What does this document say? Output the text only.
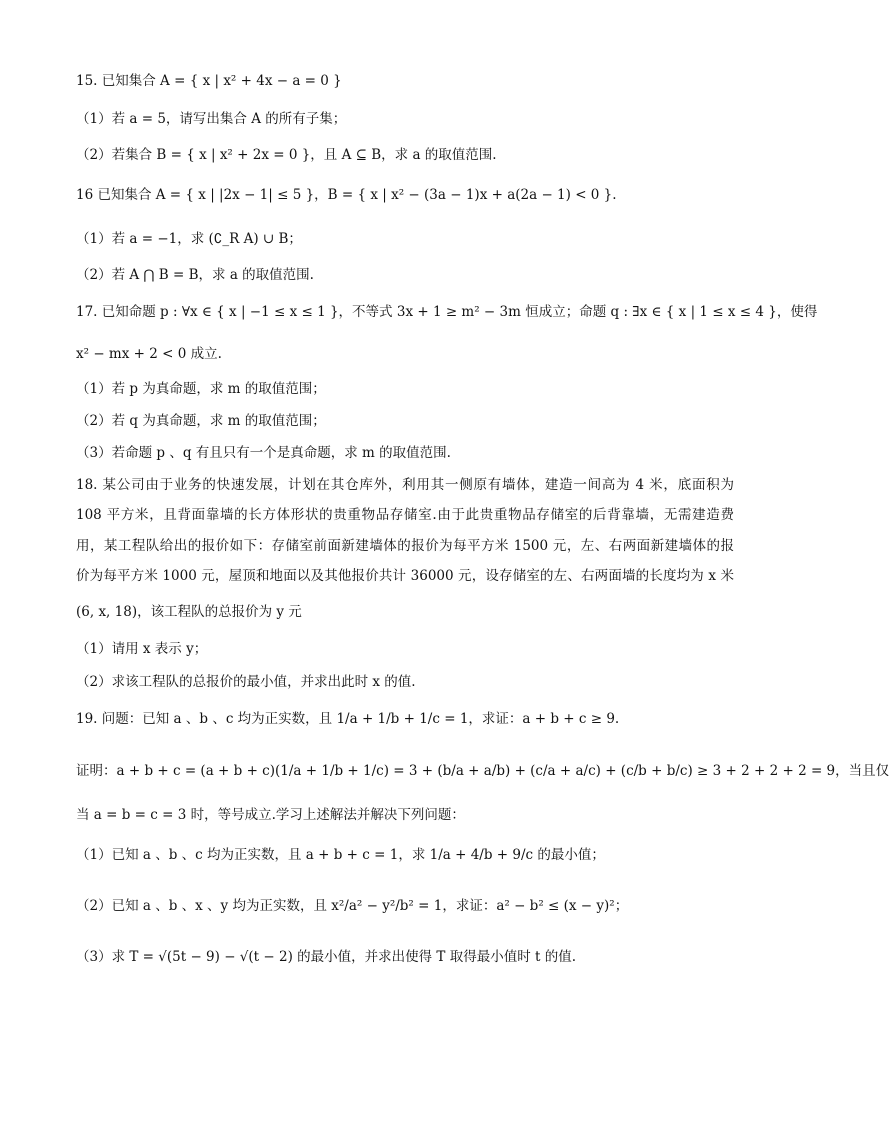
15. 已知集合 A = { x | x² + 4x − a = 0 }
（1）若 a = 5，请写出集合 A 的所有子集；
（2）若集合 B = { x | x² + 2x = 0 }，且 A ⊆ B，求 a 的取值范围.
16 已知集合 A = { x | |2x − 1| ≤ 5 }，B = { x | x² − (3a − 1)x + a(2a − 1) < 0 }.
（1）若 a = −1，求 (∁_R A) ∪ B；
（2）若 A ⋂ B = B，求 a 的取值范围.
17. 已知命题 p : ∀x ∈ { x | −1 ≤ x ≤ 1 }，不等式 3x + 1 ≥ m² − 3m 恒成立；命题 q : ∃x ∈ { x | 1 ≤ x ≤ 4 }，使得
x² − mx + 2 < 0 成立.
（1）若 p 为真命题，求 m 的取值范围；
（2）若 q 为真命题，求 m 的取值范围；
（3）若命题 p 、q 有且只有一个是真命题，求 m 的取值范围.
18. 某公司由于业务的快速发展，计划在其仓库外，利用其一侧原有墙体，建造一间高为 4 米，底面积为
108 平方米，且背面靠墙的长方体形状的贵重物品存储室.由于此贵重物品存储室的后背靠墙，无需建造费
用，某工程队给出的报价如下：存储室前面新建墙体的报价为每平方米 1500 元，左、右两面新建墙体的报
价为每平方米 1000 元，屋顶和地面以及其他报价共计 36000 元，设存储室的左、右两面墙的长度均为 x 米
(6, x, 18)，该工程队的总报价为 y 元
（1）请用 x 表示 y；
（2）求该工程队的总报价的最小值，并求出此时 x 的值.
19. 问题：已知 a 、b 、c 均为正实数，且 1/a + 1/b + 1/c = 1，求证：a + b + c ≥ 9.
证明：a + b + c = (a + b + c)(1/a + 1/b + 1/c) = 3 + (b/a + a/b) + (c/a + a/c) + (c/b + b/c) ≥ 3 + 2 + 2 + 2 = 9，当且仅
当 a = b = c = 3 时，等号成立.学习上述解法并解决下列问题：
（1）已知 a 、b 、c 均为正实数，且 a + b + c = 1，求 1/a + 4/b + 9/c 的最小值；
（2）已知 a 、b 、x 、y 均为正实数，且 x²/a² − y²/b² = 1，求证：a² − b² ≤ (x − y)²；
（3）求 T = √(5t − 9) − √(t − 2) 的最小值，并求出使得 T 取得最小值时 t 的值.
